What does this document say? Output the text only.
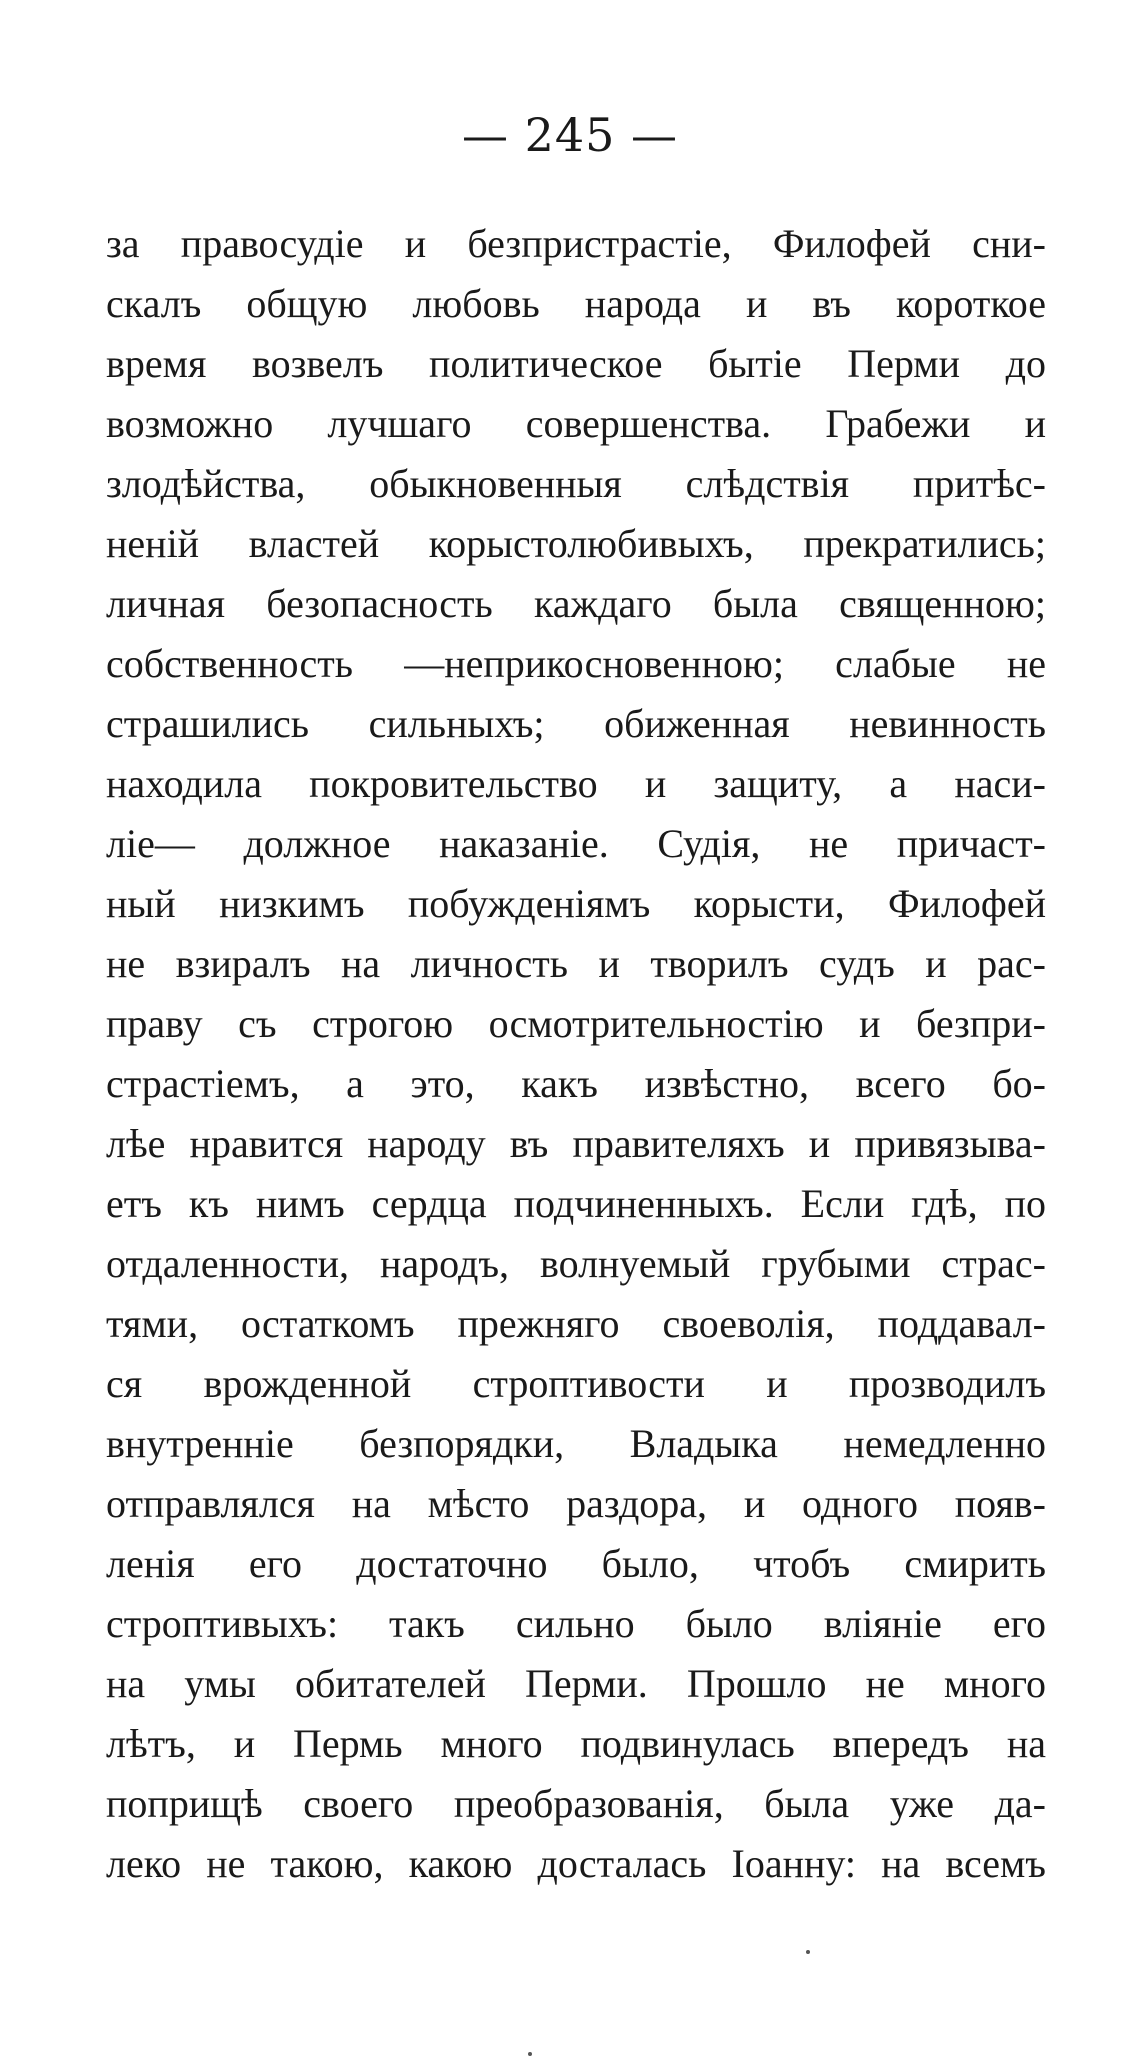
— 245 —
за правосудіе и безпристрастіе, Филофей сни-
скалъ общую любовь народа и въ короткое
время возвелъ политическое бытіе Перми до
возможно лучшаго совершенства. Грабежи и
злодѣйства, обыкновенныя слѣдствія притѣс-
неній властей корыстолюбивыхъ, прекратились;
личная безопасность каждаго была священною;
собственность —неприкосновенною; слабые не
страшились сильныхъ; обиженная невинность
находила покровительство и защиту, а наси-
ліе— должное наказаніе. Судія, не причаст-
ный низкимъ побужденіямъ корысти, Филофей
не взиралъ на личность и творилъ судъ и рас-
праву съ строгою осмотрительностію и безпри-
страстіемъ, а это, какъ извѣстно, всего бо-
лѣе нравится народу въ правителяхъ и привязыва-
етъ къ нимъ сердца подчиненныхъ. Если гдѣ, по
отдаленности, народъ, волнуемый грубыми страс-
тями, остаткомъ прежняго своеволія, поддавал-
ся врожденной строптивости и прозводилъ
внутренніе безпорядки, Владыка немедленно
отправлялся на мѣсто раздора, и одного появ-
ленія его достаточно было, чтобъ смирить
строптивыхъ: такъ сильно было вліяніе его
на умы обитателей Перми. Прошло не много
лѣтъ, и Пермь много подвинулась впередъ на
поприщѣ своего преобразованія, была уже да-
леко не такою, какою досталась Іоанну: на всемъ
